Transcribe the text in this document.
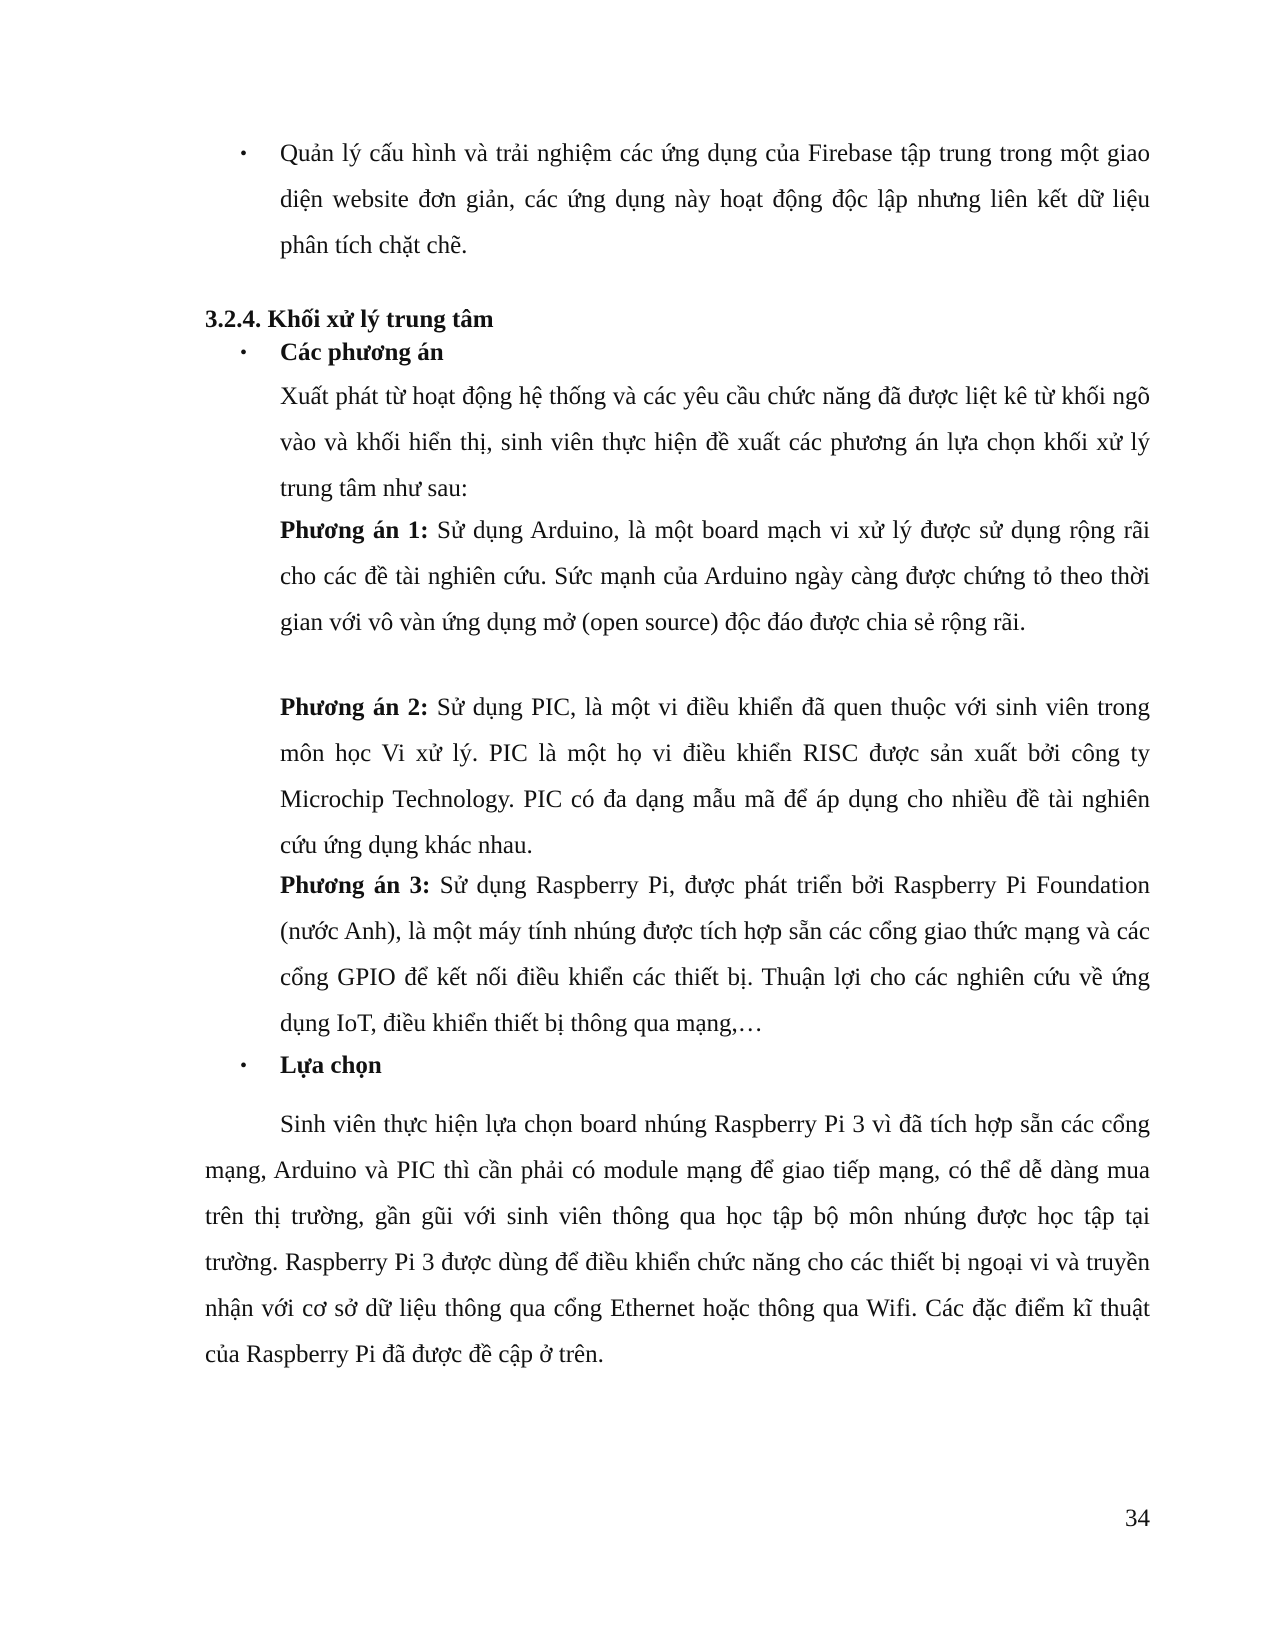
• Quản lý cấu hình và trải nghiệm các ứng dụng của Firebase tập trung trong một giao diện website đơn giản, các ứng dụng này hoạt động độc lập nhưng liên kết dữ liệu phân tích chặt chẽ.
3.2.4. Khối xử lý trung tâm
• Các phương án

Xuất phát từ hoạt động hệ thống và các yêu cầu chức năng đã được liệt kê từ khối ngõ vào và khối hiển thị, sinh viên thực hiện đề xuất các phương án lựa chọn khối xử lý trung tâm như sau:

Phương án 1: Sử dụng Arduino, là một board mạch vi xử lý được sử dụng rộng rãi cho các đề tài nghiên cứu. Sức mạnh của Arduino ngày càng được chứng tỏ theo thời gian với vô vàn ứng dụng mở (open source) độc đáo được chia sẻ rộng rãi.

Phương án 2: Sử dụng PIC, là một vi điều khiển đã quen thuộc với sinh viên trong môn học Vi xử lý. PIC là một họ vi điều khiển RISC được sản xuất bởi công ty Microchip Technology. PIC có đa dạng mẫu mã để áp dụng cho nhiều đề tài nghiên cứu ứng dụng khác nhau.

Phương án 3: Sử dụng Raspberry Pi, được phát triển bởi Raspberry Pi Foundation (nước Anh), là một máy tính nhúng được tích hợp sẵn các cổng giao thức mạng và các cổng GPIO để kết nối điều khiển các thiết bị. Thuận lợi cho các nghiên cứu về ứng dụng IoT, điều khiển thiết bị thông qua mạng,…

• Lựa chọn

Sinh viên thực hiện lựa chọn board nhúng Raspberry Pi 3 vì đã tích hợp sẵn các cổng mạng, Arduino và PIC thì cần phải có module mạng để giao tiếp mạng, có thể dễ dàng mua trên thị trường, gần gũi với sinh viên thông qua học tập bộ môn nhúng được học tập tại trường. Raspberry Pi 3 được dùng để điều khiển chức năng cho các thiết bị ngoại vi và truyền nhận với cơ sở dữ liệu thông qua cổng Ethernet hoặc thông qua Wifi. Các đặc điểm kĩ thuật của Raspberry Pi đã được đề cập ở trên.

34
